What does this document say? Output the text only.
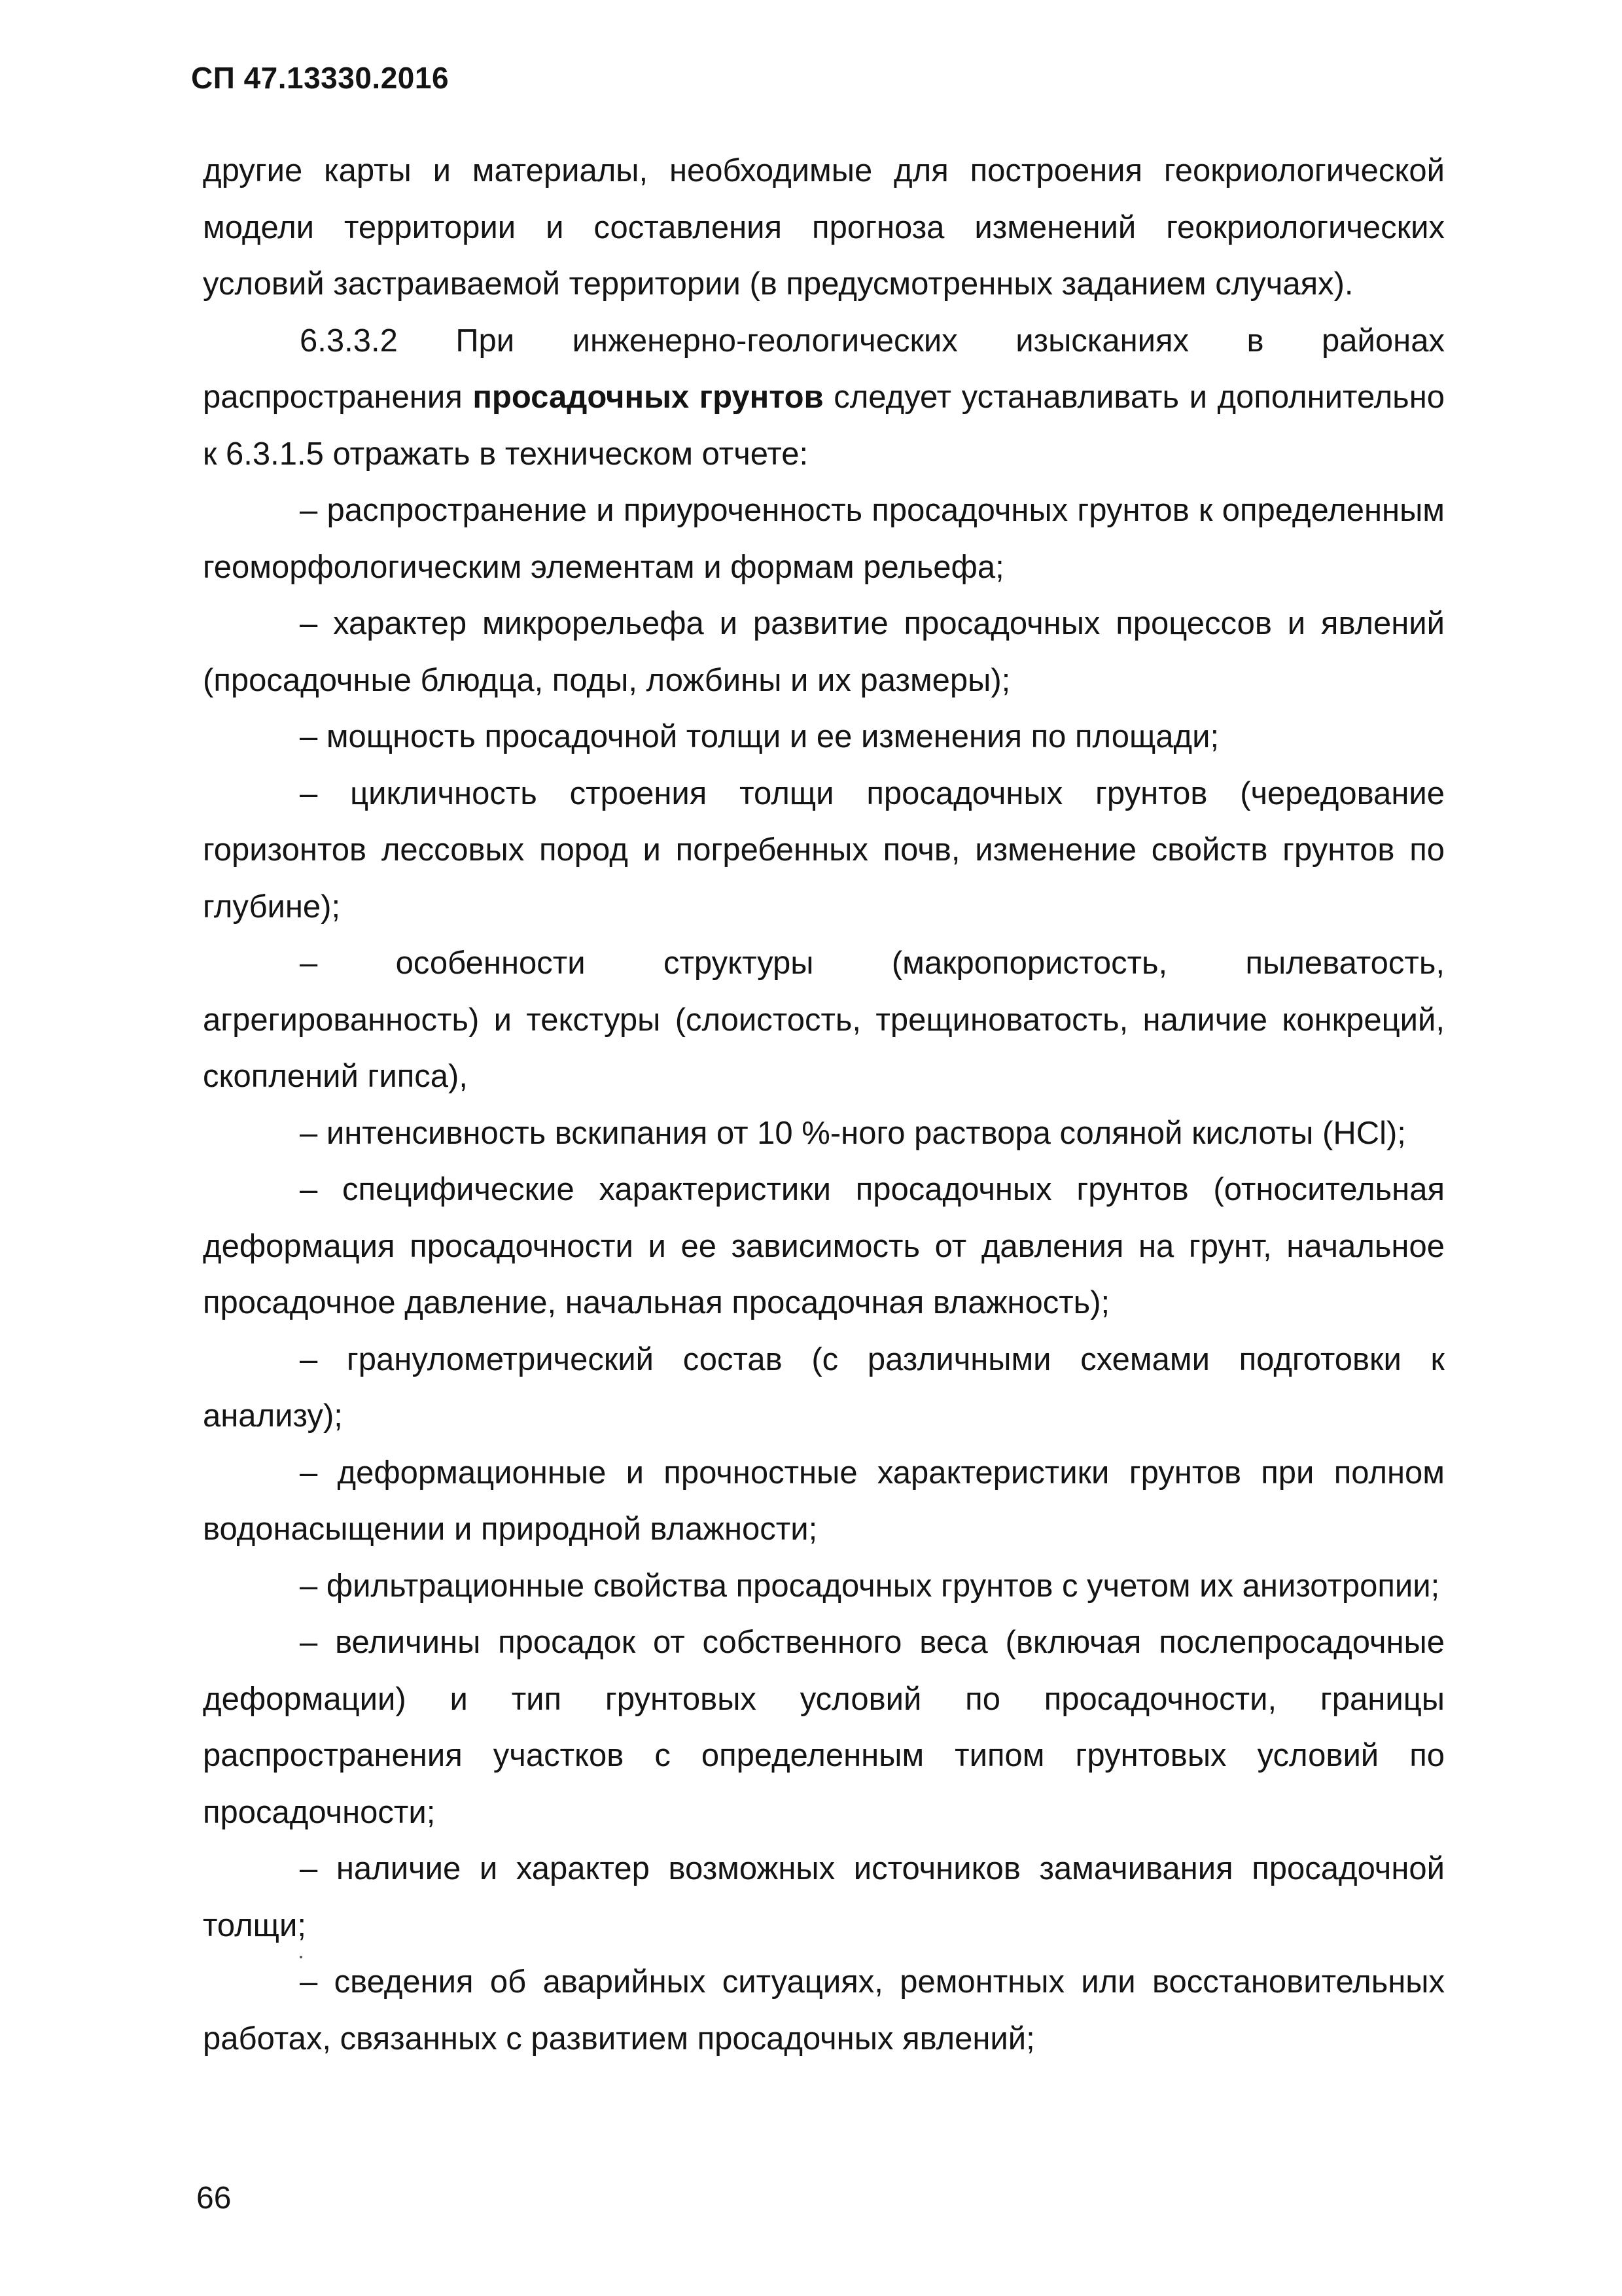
СП 47.13330.2016

другие карты и материалы, необходимые для построения геокриологической модели территории и составления прогноза изменений геокриологических условий застраиваемой территории (в предусмотренных заданием случаях).

6.3.3.2 При инженерно-геологических изысканиях в районах распространения просадочных грунтов следует устанавливать и дополнительно к 6.3.1.5 отражать в техническом отчете:

– распространение и приуроченность просадочных грунтов к определенным геоморфологическим элементам и формам рельефа;

– характер микрорельефа и развитие просадочных процессов и явлений (просадочные блюдца, поды, ложбины и их размеры);

– мощность просадочной толщи и ее изменения по площади;

– цикличность строения толщи просадочных грунтов (чередование горизонтов лессовых пород и погребенных почв, изменение свойств грунтов по глубине);

– особенности структуры (макропористость, пылеватость, агрегированность) и текстуры (слоистость, трещиноватость, наличие конкреций, скоплений гипса),

– интенсивность вскипания от 10 %-ного раствора соляной кислоты (HCl);

– специфические характеристики просадочных грунтов (относительная деформация просадочности и ее зависимость от давления на грунт, начальное просадочное давление, начальная просадочная влажность);

– гранулометрический состав (с различными схемами подготовки к анализу);

– деформационные и прочностные характеристики грунтов при полном водонасыщении и природной влажности;

– фильтрационные свойства просадочных грунтов с учетом их анизотропии;

– величины просадок от собственного веса (включая послепросадочные деформации) и тип грунтовых условий по просадочности, границы распространения участков с определенным типом грунтовых условий по просадочности;

– наличие и характер возможных источников замачивания просадочной толщи;

– сведения об аварийных ситуациях, ремонтных или восстановительных работах, связанных с развитием просадочных явлений;

66
